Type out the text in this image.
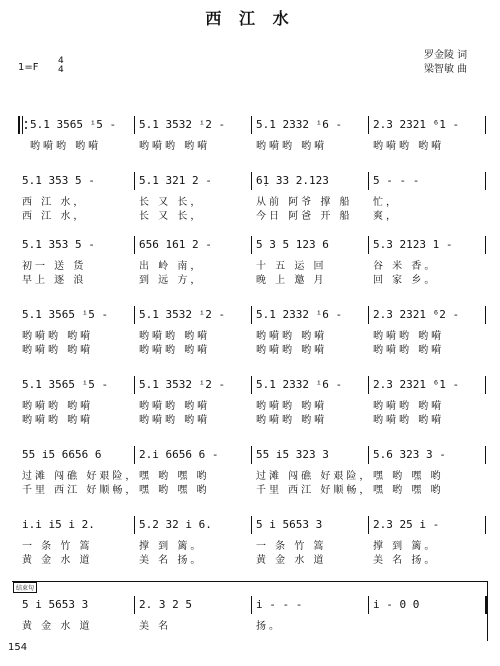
西 江 水
罗金陵 词
梁智敏 曲
1=F
4
4
5.1 3565 ⁱ5 -
哟嗬哟 哟嗬
5.1 3532 ⁱ2 -
哟嗬哟 哟嗬
5.1 2332 ⁱ6 -
哟嗬哟 哟嗬
2.3 2321 ⁶1 -
哟嗬哟 哟嗬
5.1 353 5 -
西 江 水，
西 江 水，
5.1 321 2 -
长 又 长，
长 又 长，
6̣1 33 2.123
从前 阿爷 撑 船
今日 阿爸 开 船
5 - - -
忙，
爽，
5.1 353 5 -
初一 送 货
早上 逐 浪
656 161 2 -
出 岭 南，
到 远 方，
5 3 5 123 6
十 五 运 回
晚 上 邀 月
5.3 2123 1 -
谷 米 香。
回 家 乡。
5.1 3565 ⁱ5 -
哟嗬哟 哟嗬
哟嗬哟 哟嗬
5.1 3532 ⁱ2 -
哟嗬哟 哟嗬
哟嗬哟 哟嗬
5.1 2332 ⁱ6 -
哟嗬哟 哟嗬
哟嗬哟 哟嗬
2.3 2321 ⁶2 -
哟嗬哟 哟嗬
哟嗬哟 哟嗬
5.1 3565 ⁱ5 -
哟嗬哟 哟嗬
哟嗬哟 哟嗬
5.1 3532 ⁱ2 -
哟嗬哟 哟嗬
哟嗬哟 哟嗬
5.1 2332 ⁱ6 -
哟嗬哟 哟嗬
哟嗬哟 哟嗬
2.3 2321 ⁶1 -
哟嗬哟 哟嗬
哟嗬哟 哟嗬
55 i5 6656 6
过滩 闯礁 好艰险，
千里 西江 好顺畅，
2.i 6656 6 -
嘿 哟 嘿 哟
嘿 哟 嘿 哟
55 i5 323 3
过滩 闯礁 好艰险，
千里 西江 好顺畅，
5.6 323 3 -
嘿 哟 嘿 哟
嘿 哟 嘿 哟
i.i i5 i 2.
一 条 竹 篙
黄 金 水 道
5.2 32 i 6.
撑 到 篱。
美 名 扬。
5 i 5653 3
一 条 竹 篙
黄 金 水 道
2.3 25 i -
撑 到 篱。
美 名 扬。
5 i 5653 3
黄 金 水 道
2. 3 2 5
美 名
i - - -
扬。
i - 0 0
结束句
154
